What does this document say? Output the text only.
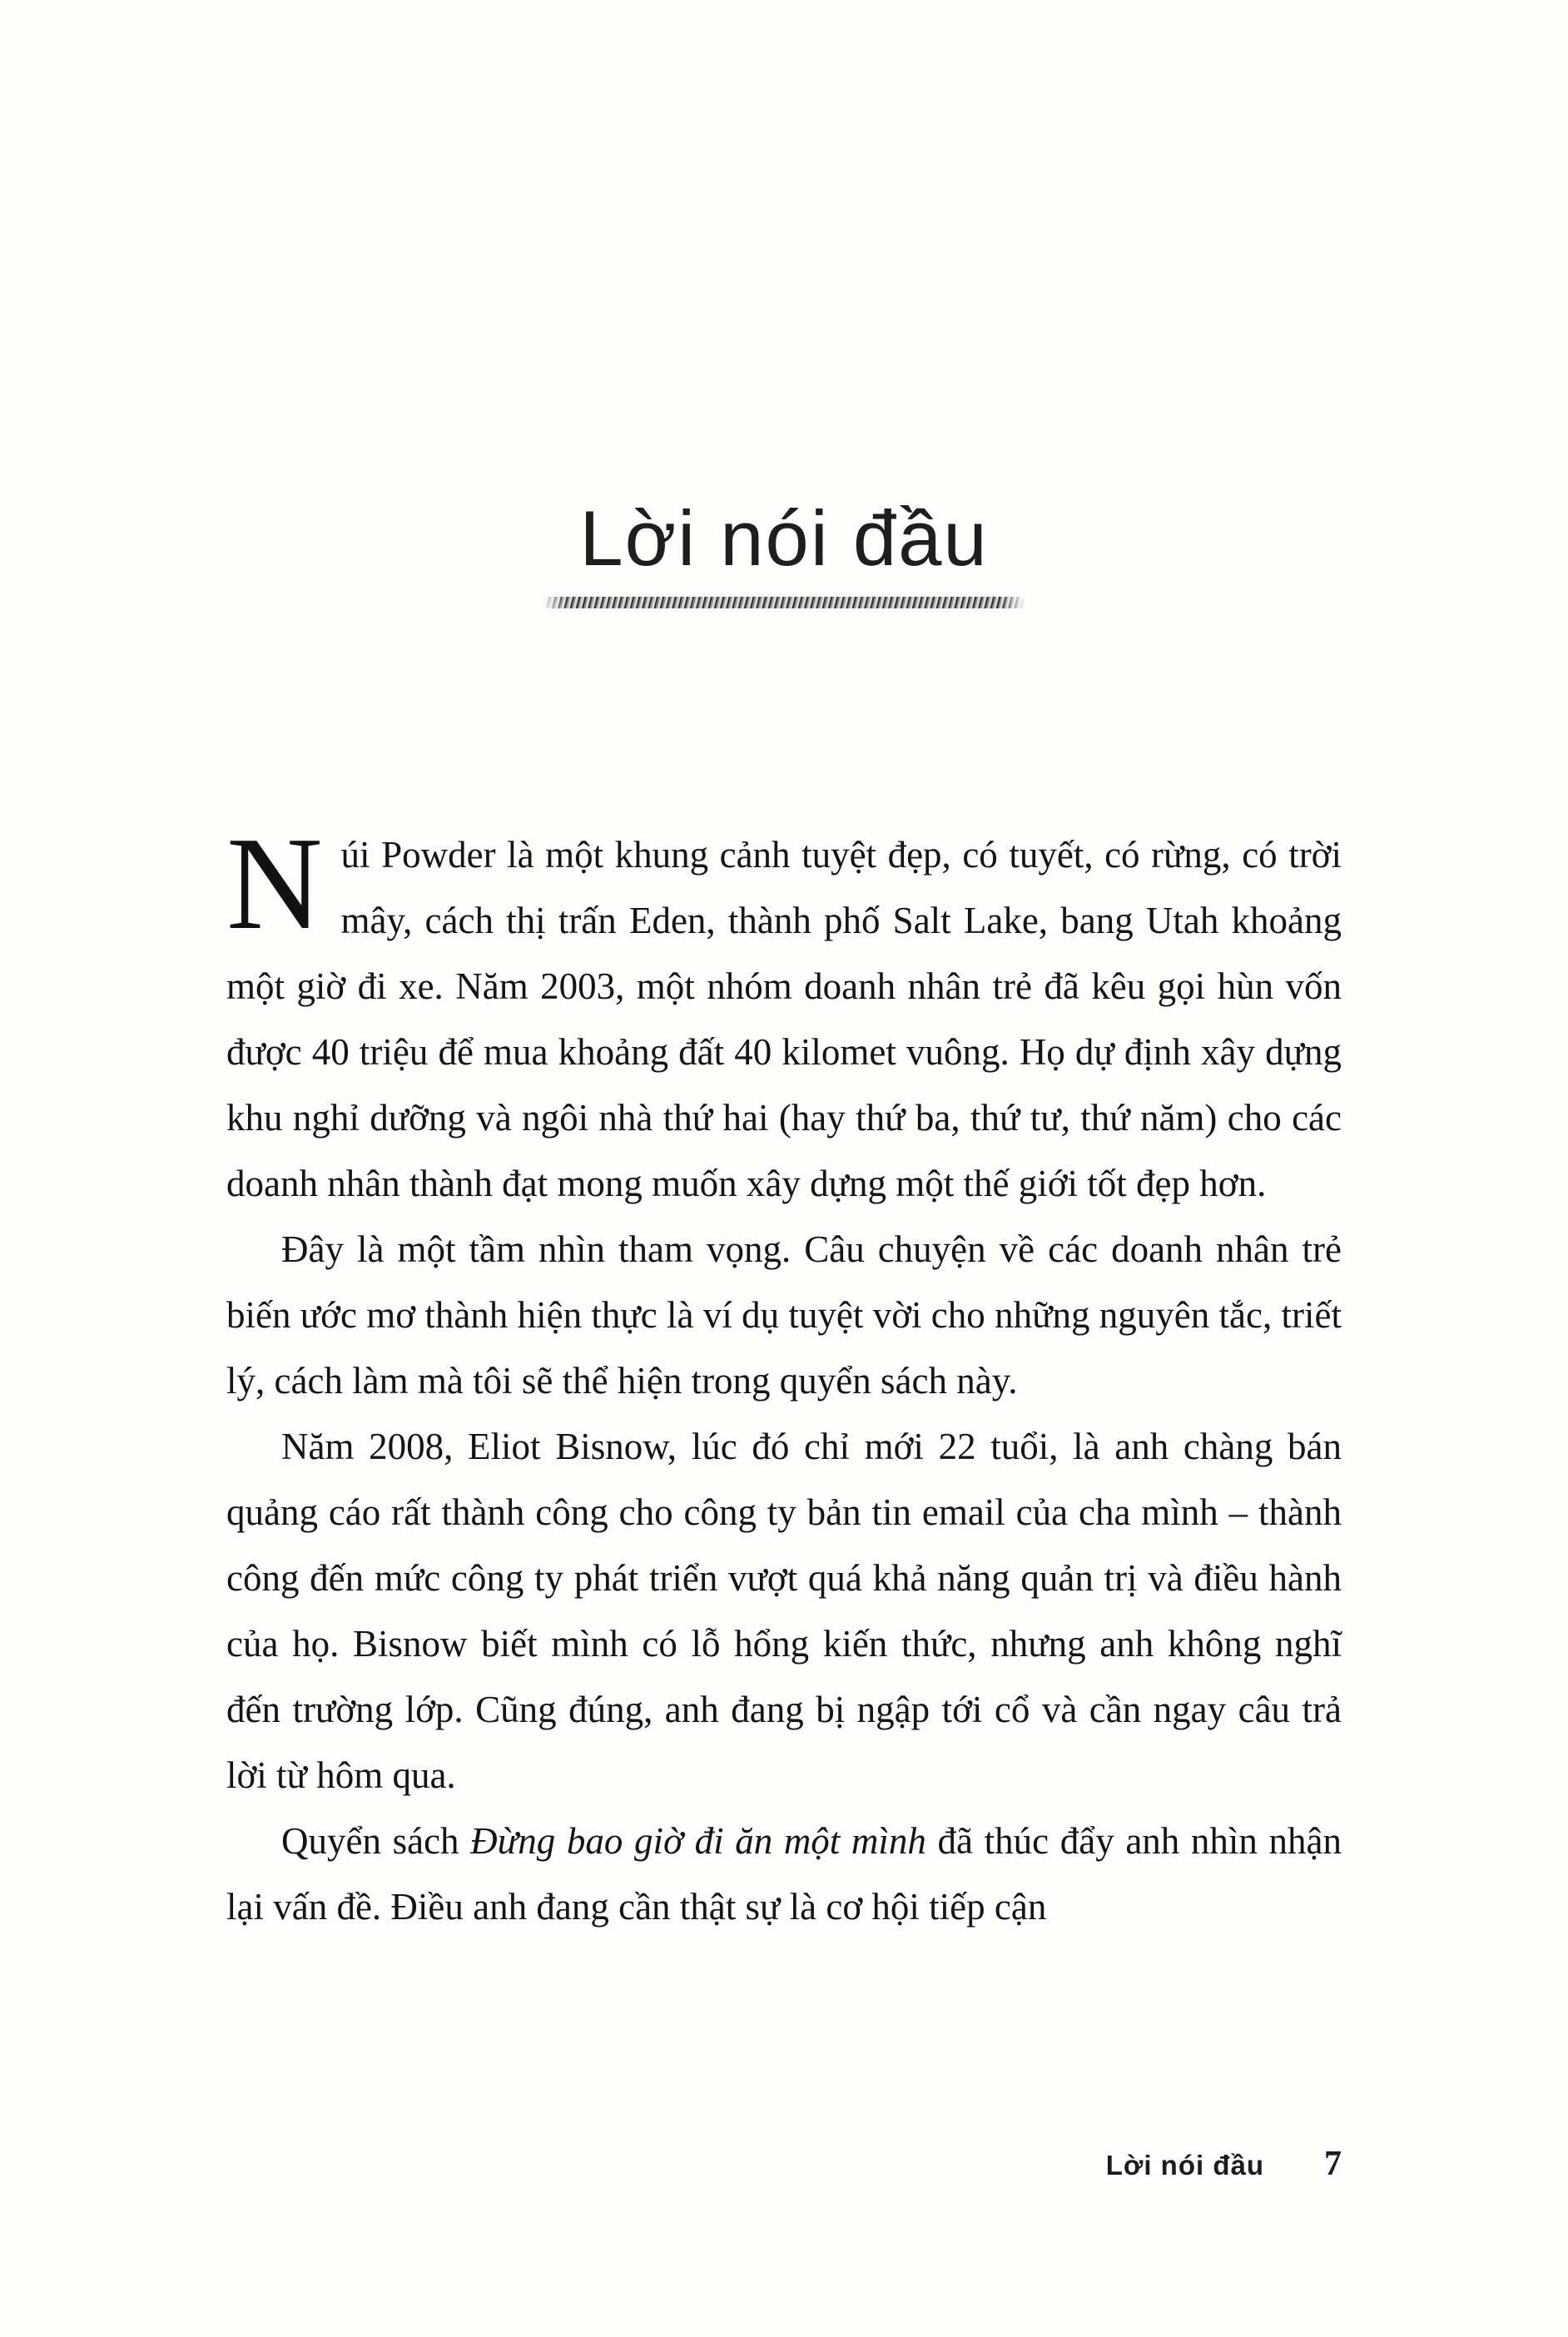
Lời nói đầu

Núi Powder là một khung cảnh tuyệt đẹp, có tuyết, có rừng, có trời mây, cách thị trấn Eden, thành phố Salt Lake, bang Utah khoảng một giờ đi xe. Năm 2003, một nhóm doanh nhân trẻ đã kêu gọi hùn vốn được 40 triệu để mua khoảng đất 40 kilomet vuông. Họ dự định xây dựng khu nghỉ dưỡng và ngôi nhà thứ hai (hay thứ ba, thứ tư, thứ năm) cho các doanh nhân thành đạt mong muốn xây dựng một thế giới tốt đẹp hơn.

Đây là một tầm nhìn tham vọng. Câu chuyện về các doanh nhân trẻ biến ước mơ thành hiện thực là ví dụ tuyệt vời cho những nguyên tắc, triết lý, cách làm mà tôi sẽ thể hiện trong quyển sách này.

Năm 2008, Eliot Bisnow, lúc đó chỉ mới 22 tuổi, là anh chàng bán quảng cáo rất thành công cho công ty bản tin email của cha mình – thành công đến mức công ty phát triển vượt quá khả năng quản trị và điều hành của họ. Bisnow biết mình có lỗ hổng kiến thức, nhưng anh không nghĩ đến trường lớp. Cũng đúng, anh đang bị ngập tới cổ và cần ngay câu trả lời từ hôm qua.

Quyển sách Đừng bao giờ đi ăn một mình đã thúc đẩy anh nhìn nhận lại vấn đề. Điều anh đang cần thật sự là cơ hội tiếp cận

Lời nói đầu 7
